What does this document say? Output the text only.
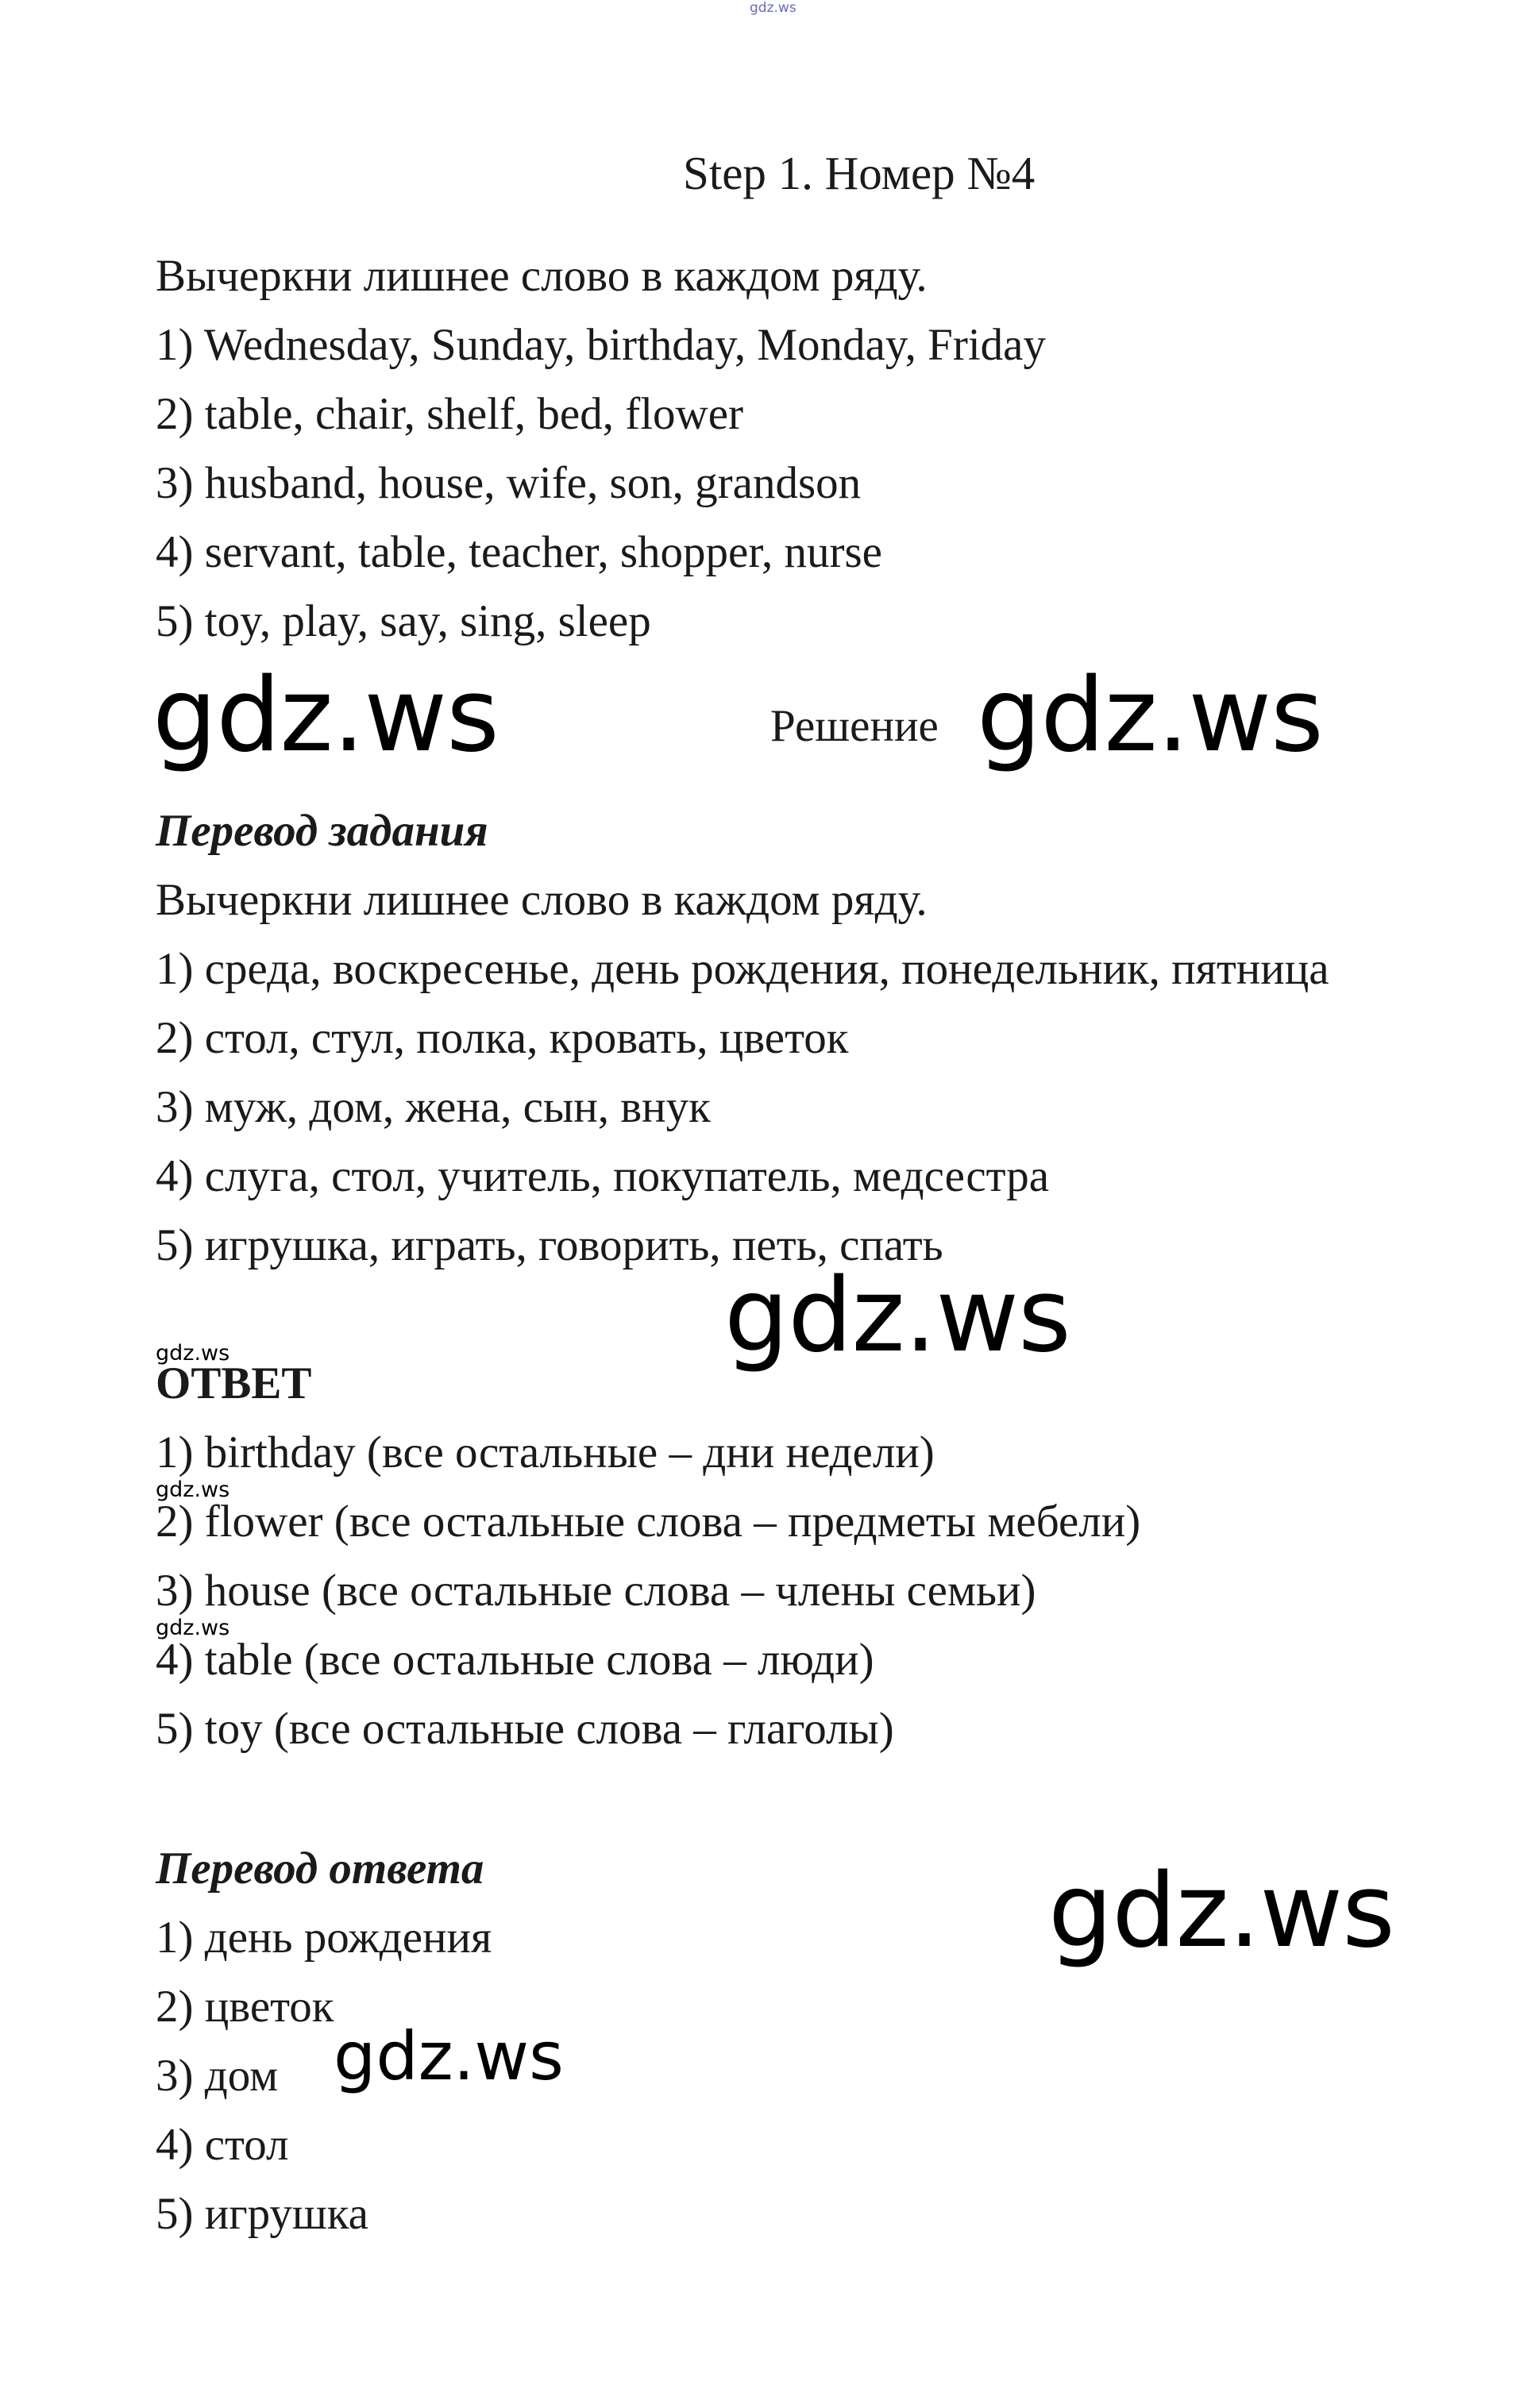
gdz.ws
Step 1. Номер №4
Вычеркни лишнее слово в каждом ряду.
1) Wednesday, Sunday, birthday, Monday, Friday
2) table, chair, shelf, bed, flower
3) husband, house, wife, son, grandson
4) servant, table, teacher, shopper, nurse
5) toy, play, say, sing, sleep
gdz.ws	Решение gdz.ws
Перевод задания
Вычеркни лишнее слово в каждом ряду.
1) среда, воскресенье, день рождения, понедельник, пятница
2) стол, стул, полка, кровать, цветок
3) муж, дом, жена, сын, внук
4) слуга, стол, учитель, покупатель, медсестра
5) игрушка, играть, говорить, петь, спать
gdz.ws
gdz.ws
ОТВЕТ
1) birthday (все остальные – дни недели)
gdz.ws
2) flower (все остальные слова – предметы мебели)
3) house (все остальные слова – члены семьи)
gdz.ws
4) table (все остальные слова – люди)
5) toy (все остальные слова – глаголы)
Перевод ответа	gdz.ws
1) день рождения
2) цветок
gdz.ws
3) дом
4) стол
5) игрушка
